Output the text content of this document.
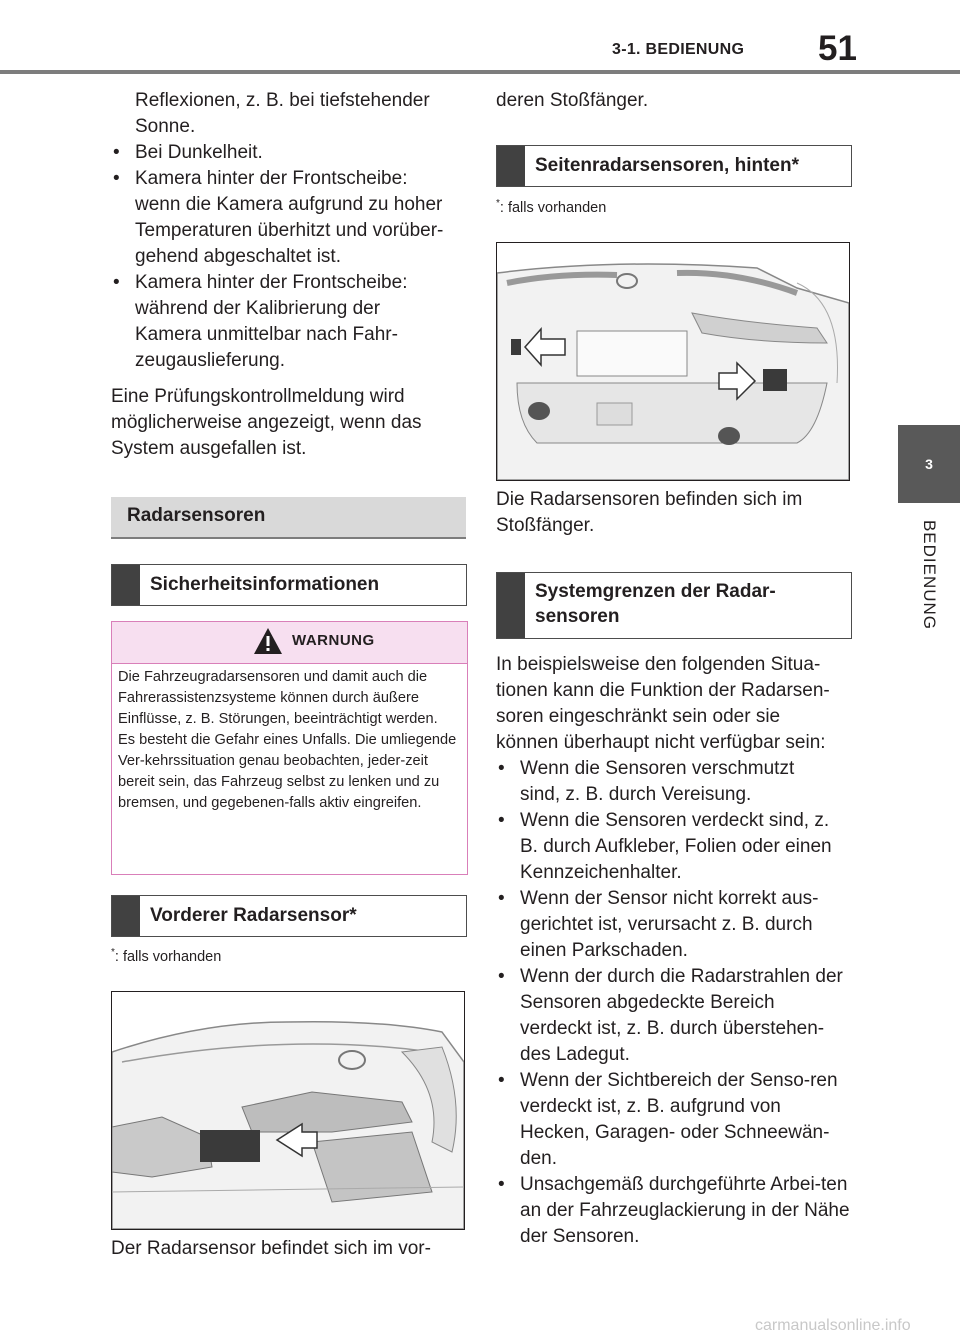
3-1. BEDIENUNG 51
3
BEDIENUNG

Reflexionen, z. B. bei tiefstehender Sonne.

• Bei Dunkelheit.
• Kamera hinter der Frontscheibe: wenn die Kamera aufgrund zu hoher Temperaturen überhitzt und vorüber-gehend abgeschaltet ist.
• Kamera hinter der Frontscheibe: während der Kalibrierung der Kamera unmittelbar nach Fahr-zeugauslieferung.

Eine Prüfungskontrollmeldung wird möglicherweise angezeigt, wenn das System ausgefallen ist.

Radarsensoren
Sicherheitsinformationen
WARNUNG
Die Fahrzeugradarsensoren und damit auch die Fahrerassistenzsysteme können durch äußere Einflüsse, z. B. Störungen, beeinträchtigt werden. Es besteht die Gefahr eines Unfalls. Die umliegende Ver-kehrssituation genau beobachten, jeder-zeit bereit sein, das Fahrzeug selbst zu lenken und zu bremsen, und gegebenen-falls aktiv eingreifen.
Vorderer Radarsensor*
*: falls vorhanden
Der Radarsensor befindet sich im vor-
deren Stoßfänger.
Seitenradarsensoren, hinten*
*: falls vorhanden
Die Radarsensoren befinden sich im Stoßfänger.
Systemgrenzen der Radar-
sensoren

In beispielsweise den folgenden Situa-tionen kann die Funktion der Radarsen-soren eingeschränkt sein oder sie können überhaupt nicht verfügbar sein:

• Wenn die Sensoren verschmutzt sind, z. B. durch Vereisung.
• Wenn die Sensoren verdeckt sind, z. B. durch Aufkleber, Folien oder einen Kennzeichenhalter.
• Wenn der Sensor nicht korrekt aus-gerichtet ist, verursacht z. B. durch einen Parkschaden.
• Wenn der durch die Radarstrahlen der Sensoren abgedeckte Bereich verdeckt ist, z. B. durch überstehen-des Ladegut.
• Wenn der Sichtbereich der Senso-ren verdeckt ist, z. B. aufgrund von Hecken, Garagen- oder Schneewän-den.
• Unsachgemäß durchgeführte Arbei-ten an der Fahrzeuglackierung in der Nähe der Sensoren.
carmanualsonline.info
